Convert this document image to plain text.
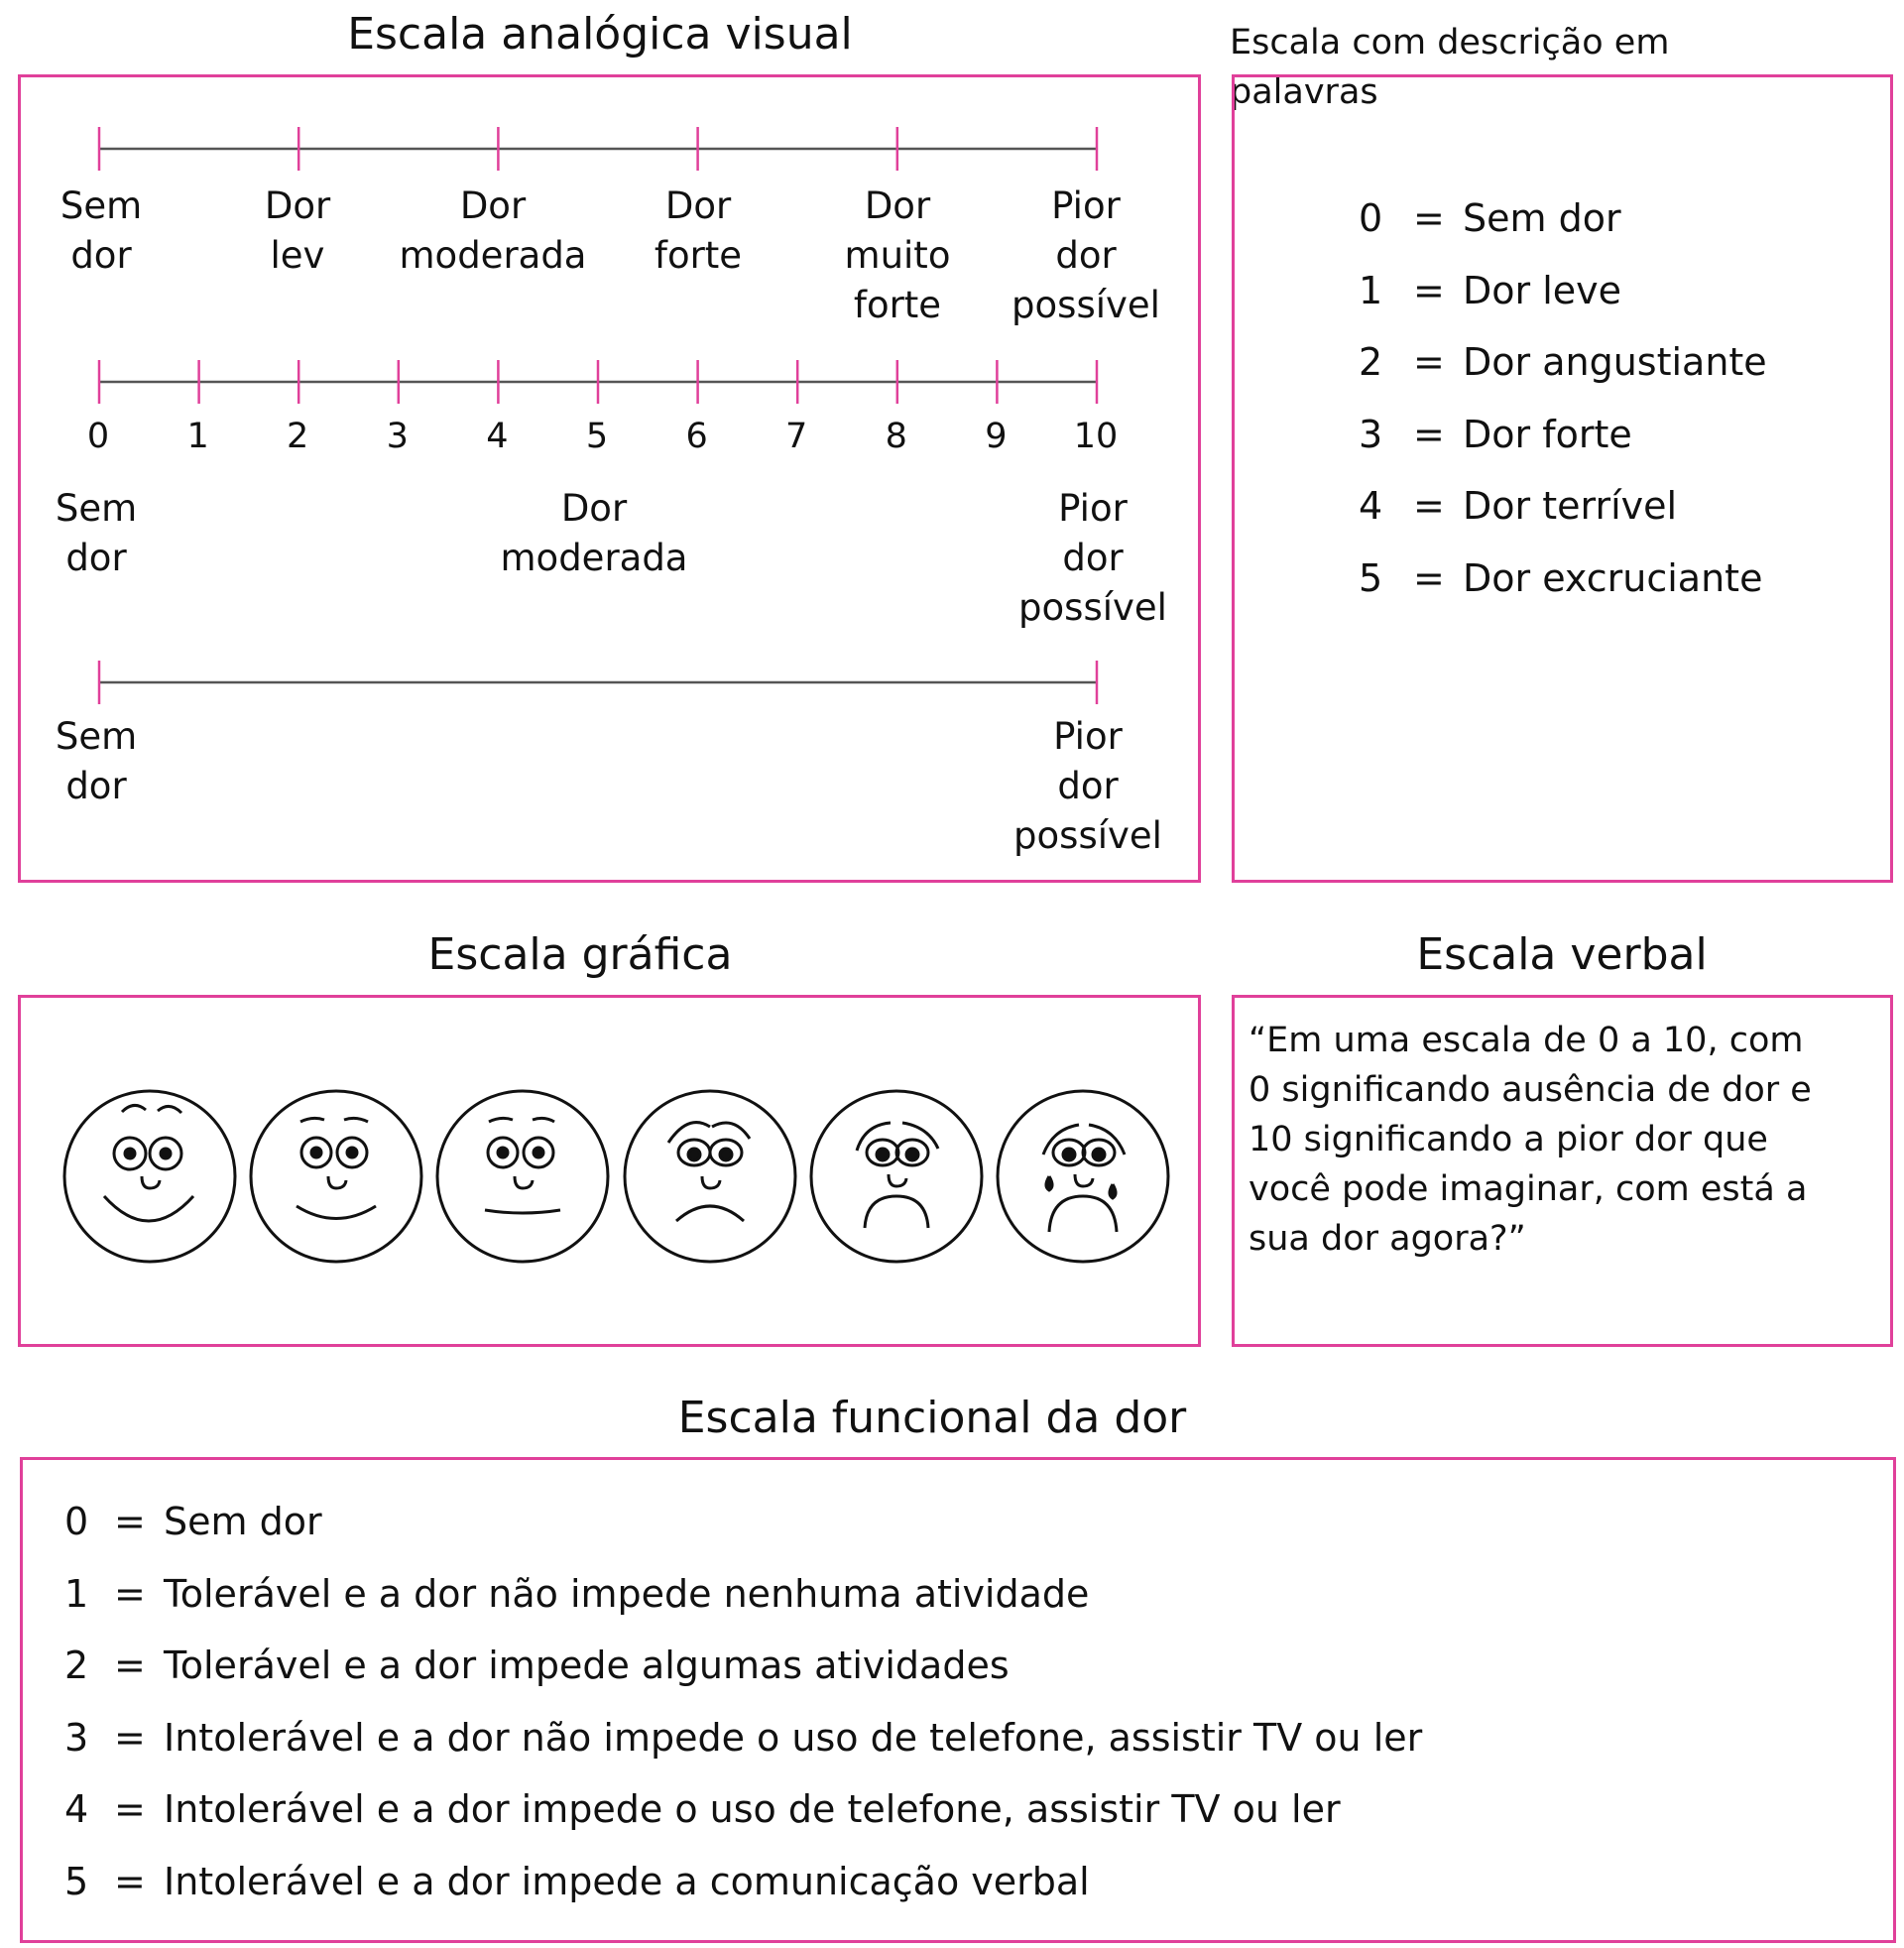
Escala analógica visual
Sem
dor
Dor
lev
Dor
moderada
Dor
forte
Dor
muito
forte
Pior
dor
possível
0 1 2 3 4 5 6 7 8 9 10
Sem
dor
Dor
moderada
Pior
dor
possível
Sem
dor
Pior
dor
possível
Escala com descrição em palavras
0 = Sem dor
1 = Dor leve
2 = Dor angustiante
3 = Dor forte
4 = Dor terrível
5 = Dor excruciante
Escala gráfica	Escala verbal
“Em uma escala de 0 a 10, com
0 significando ausência de dor e
10 significando a pior dor que
você pode imaginar, com está a
sua dor agora?”
Escala funcional da dor
0 = Sem dor
1 = Tolerável e a dor não impede nenhuma atividade
2 = Tolerável e a dor impede algumas atividades
3 = Intolerável e a dor não impede o uso de telefone, assistir TV ou ler
4 = Intolerável e a dor impede o uso de telefone, assistir TV ou ler
5 = Intolerável e a dor impede a comunicação verbal
